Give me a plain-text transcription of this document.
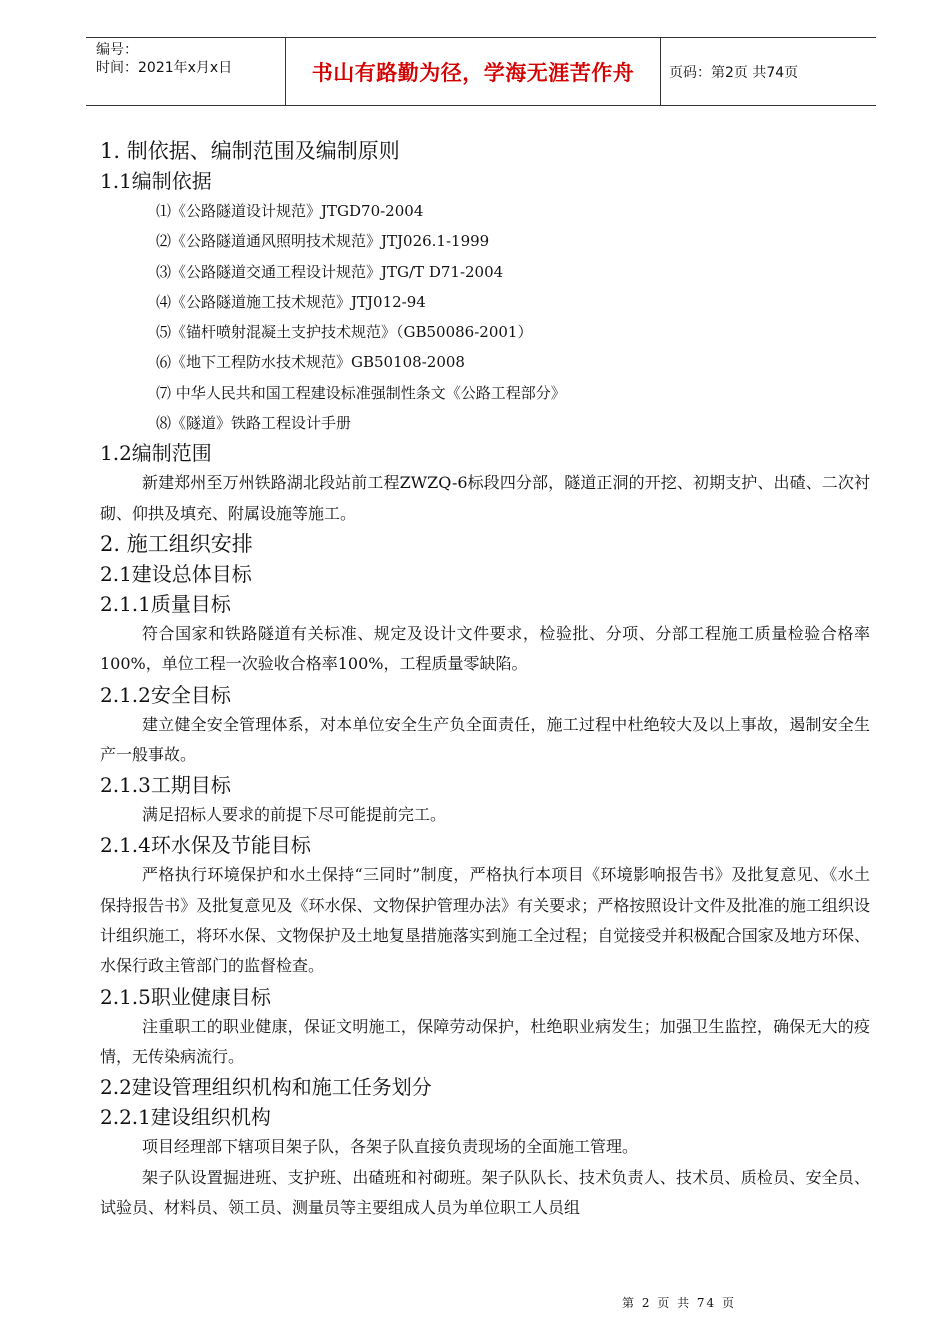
编号：
时间：2021年x月x日	书山有路勤为径，学海无涯苦作舟	页码：第2页 共74页
1. 制依据、编制范围及编制原则
1.1编制依据
⑴《公路隧道设计规范》JTGD70-2004
⑵《公路隧道通风照明技术规范》JTJ026.1-1999
⑶《公路隧道交通工程设计规范》JTG/T D71-2004
⑷《公路隧道施工技术规范》JTJ012-94
⑸《锚杆喷射混凝土支护技术规范》（GB50086-2001）
⑹《地下工程防水技术规范》GB50108-2008
⑺ 中华人民共和国工程建设标准强制性条文《公路工程部分》
⑻《隧道》铁路工程设计手册
1.2编制范围

新建郑州至万州铁路湖北段站前工程ZWZQ-6标段四分部，隧道正洞的开挖、初期支护、出碴、二次衬砌、仰拱及填充、附属设施等施工。

2. 施工组织安排
2.1建设总体目标
2.1.1质量目标

符合国家和铁路隧道有关标准、规定及设计文件要求，检验批、分项、分部工程施工质量检验合格率100%，单位工程一次验收合格率100%，工程质量零缺陷。

2.1.2安全目标

建立健全安全管理体系，对本单位安全生产负全面责任，施工过程中杜绝较大及以上事故，遏制安全生产一般事故。

2.1.3工期目标

满足招标人要求的前提下尽可能提前完工。

2.1.4环水保及节能目标

严格执行环境保护和水土保持“三同时”制度，严格执行本项目《环境影响报告书》及批复意见、《水土保持报告书》及批复意见及《环水保、文物保护管理办法》有关要求；严格按照设计文件及批准的施工组织设计组织施工，将环水保、文物保护及土地复垦措施落实到施工全过程；自觉接受并积极配合国家及地方环保、水保行政主管部门的监督检查。

2.1.5职业健康目标

注重职工的职业健康，保证文明施工，保障劳动保护，杜绝职业病发生；加强卫生监控，确保无大的疫情，无传染病流行。

2.2建设管理组织机构和施工任务划分
2.2.1建设组织机构

项目经理部下辖项目架子队，各架子队直接负责现场的全面施工管理。

架子队设置掘进班、支护班、出碴班和衬砌班。架子队队长、技术负责人、技术员、质检员、安全员、试验员、材料员、领工员、测量员等主要组成人员为单位职工人员组

第 2 页 共 74 页
